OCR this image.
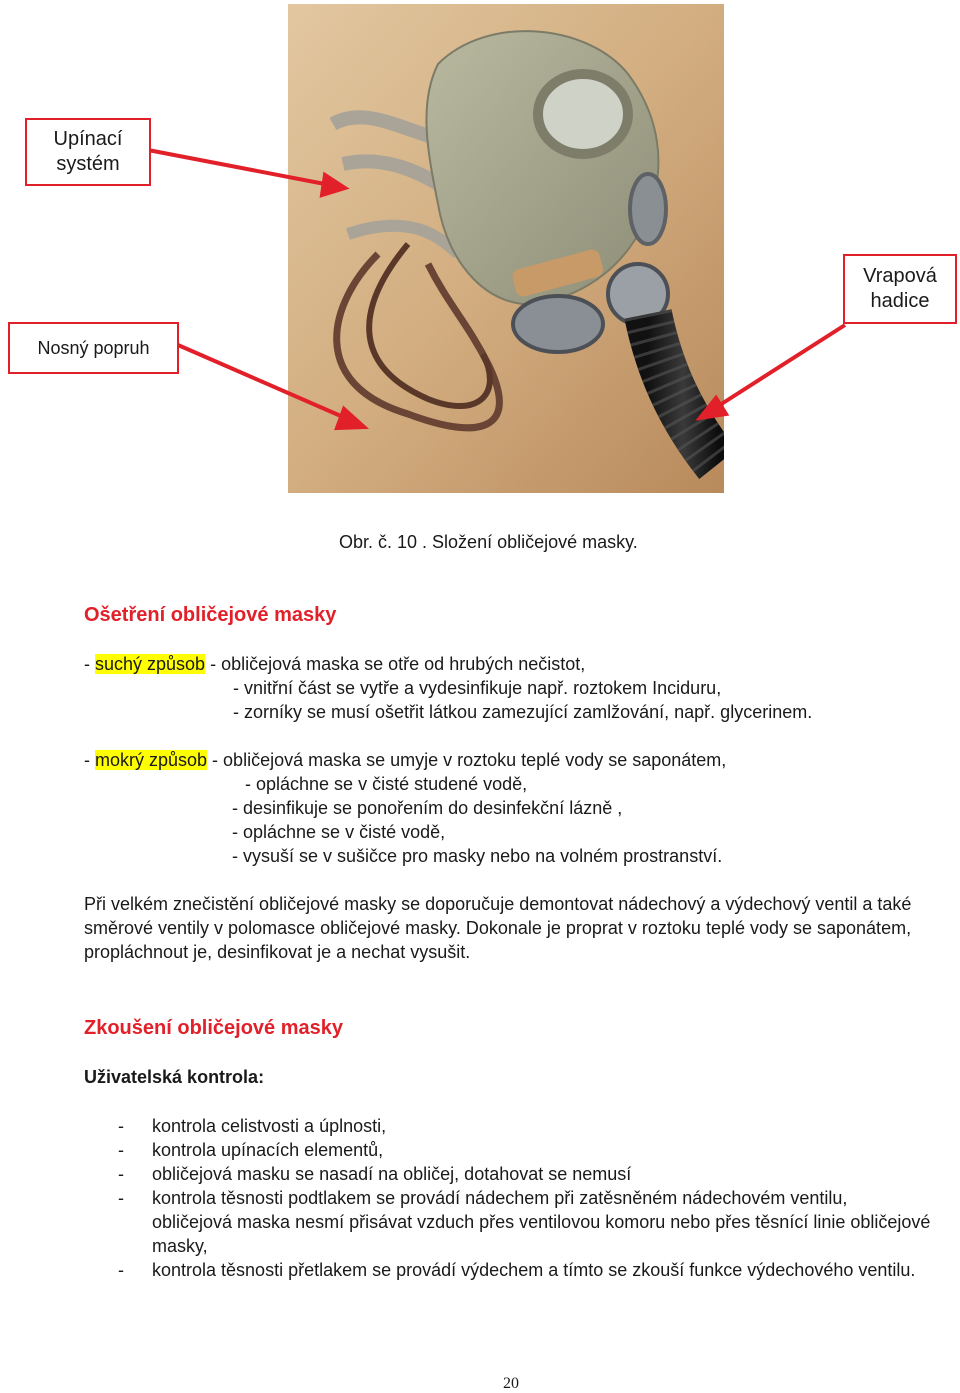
Upínací
systém
Nosný popruh
Vrapová
hadice
Obr. č. 10 . Složení obličejové masky.
Ošetření obličejové masky
- suchý způsob - obličejová maska se otře od hrubých nečistot,
- vnitřní část se vytře a vydesinfikuje např. roztokem Inciduru,
- zorníky se musí ošetřit látkou zamezující zamlžování, např. glycerinem.
- mokrý způsob - obličejová maska se umyje v roztoku teplé vody se saponátem,
- opláchne se v čisté studené vodě,
- desinfikuje se ponořením do desinfekční lázně ,
- opláchne se v čisté vodě,
- vysuší se v sušičce pro masky nebo na volném prostranství.
Při velkém znečistění obličejové masky se doporučuje demontovat nádechový a výdechový ventil a také směrové ventily v polomasce obličejové masky. Dokonale je proprat v roztoku teplé vody se saponátem, propláchnout je, desinfikovat je a nechat vysušit.
Zkoušení obličejové masky
Uživatelská kontrola:
- kontrola celistvosti a úplnosti,
- kontrola upínacích elementů,
- obličejová masku se nasadí na obličej, dotahovat se nemusí
- kontrola těsnosti podtlakem se provádí nádechem při zatěsněném nádechovém ventilu, obličejová maska nesmí přisávat vzduch přes ventilovou komoru nebo přes těsnící linie obličejové masky,
- kontrola těsnosti přetlakem se provádí výdechem a tímto se zkouší funkce výdechového ventilu.
20
